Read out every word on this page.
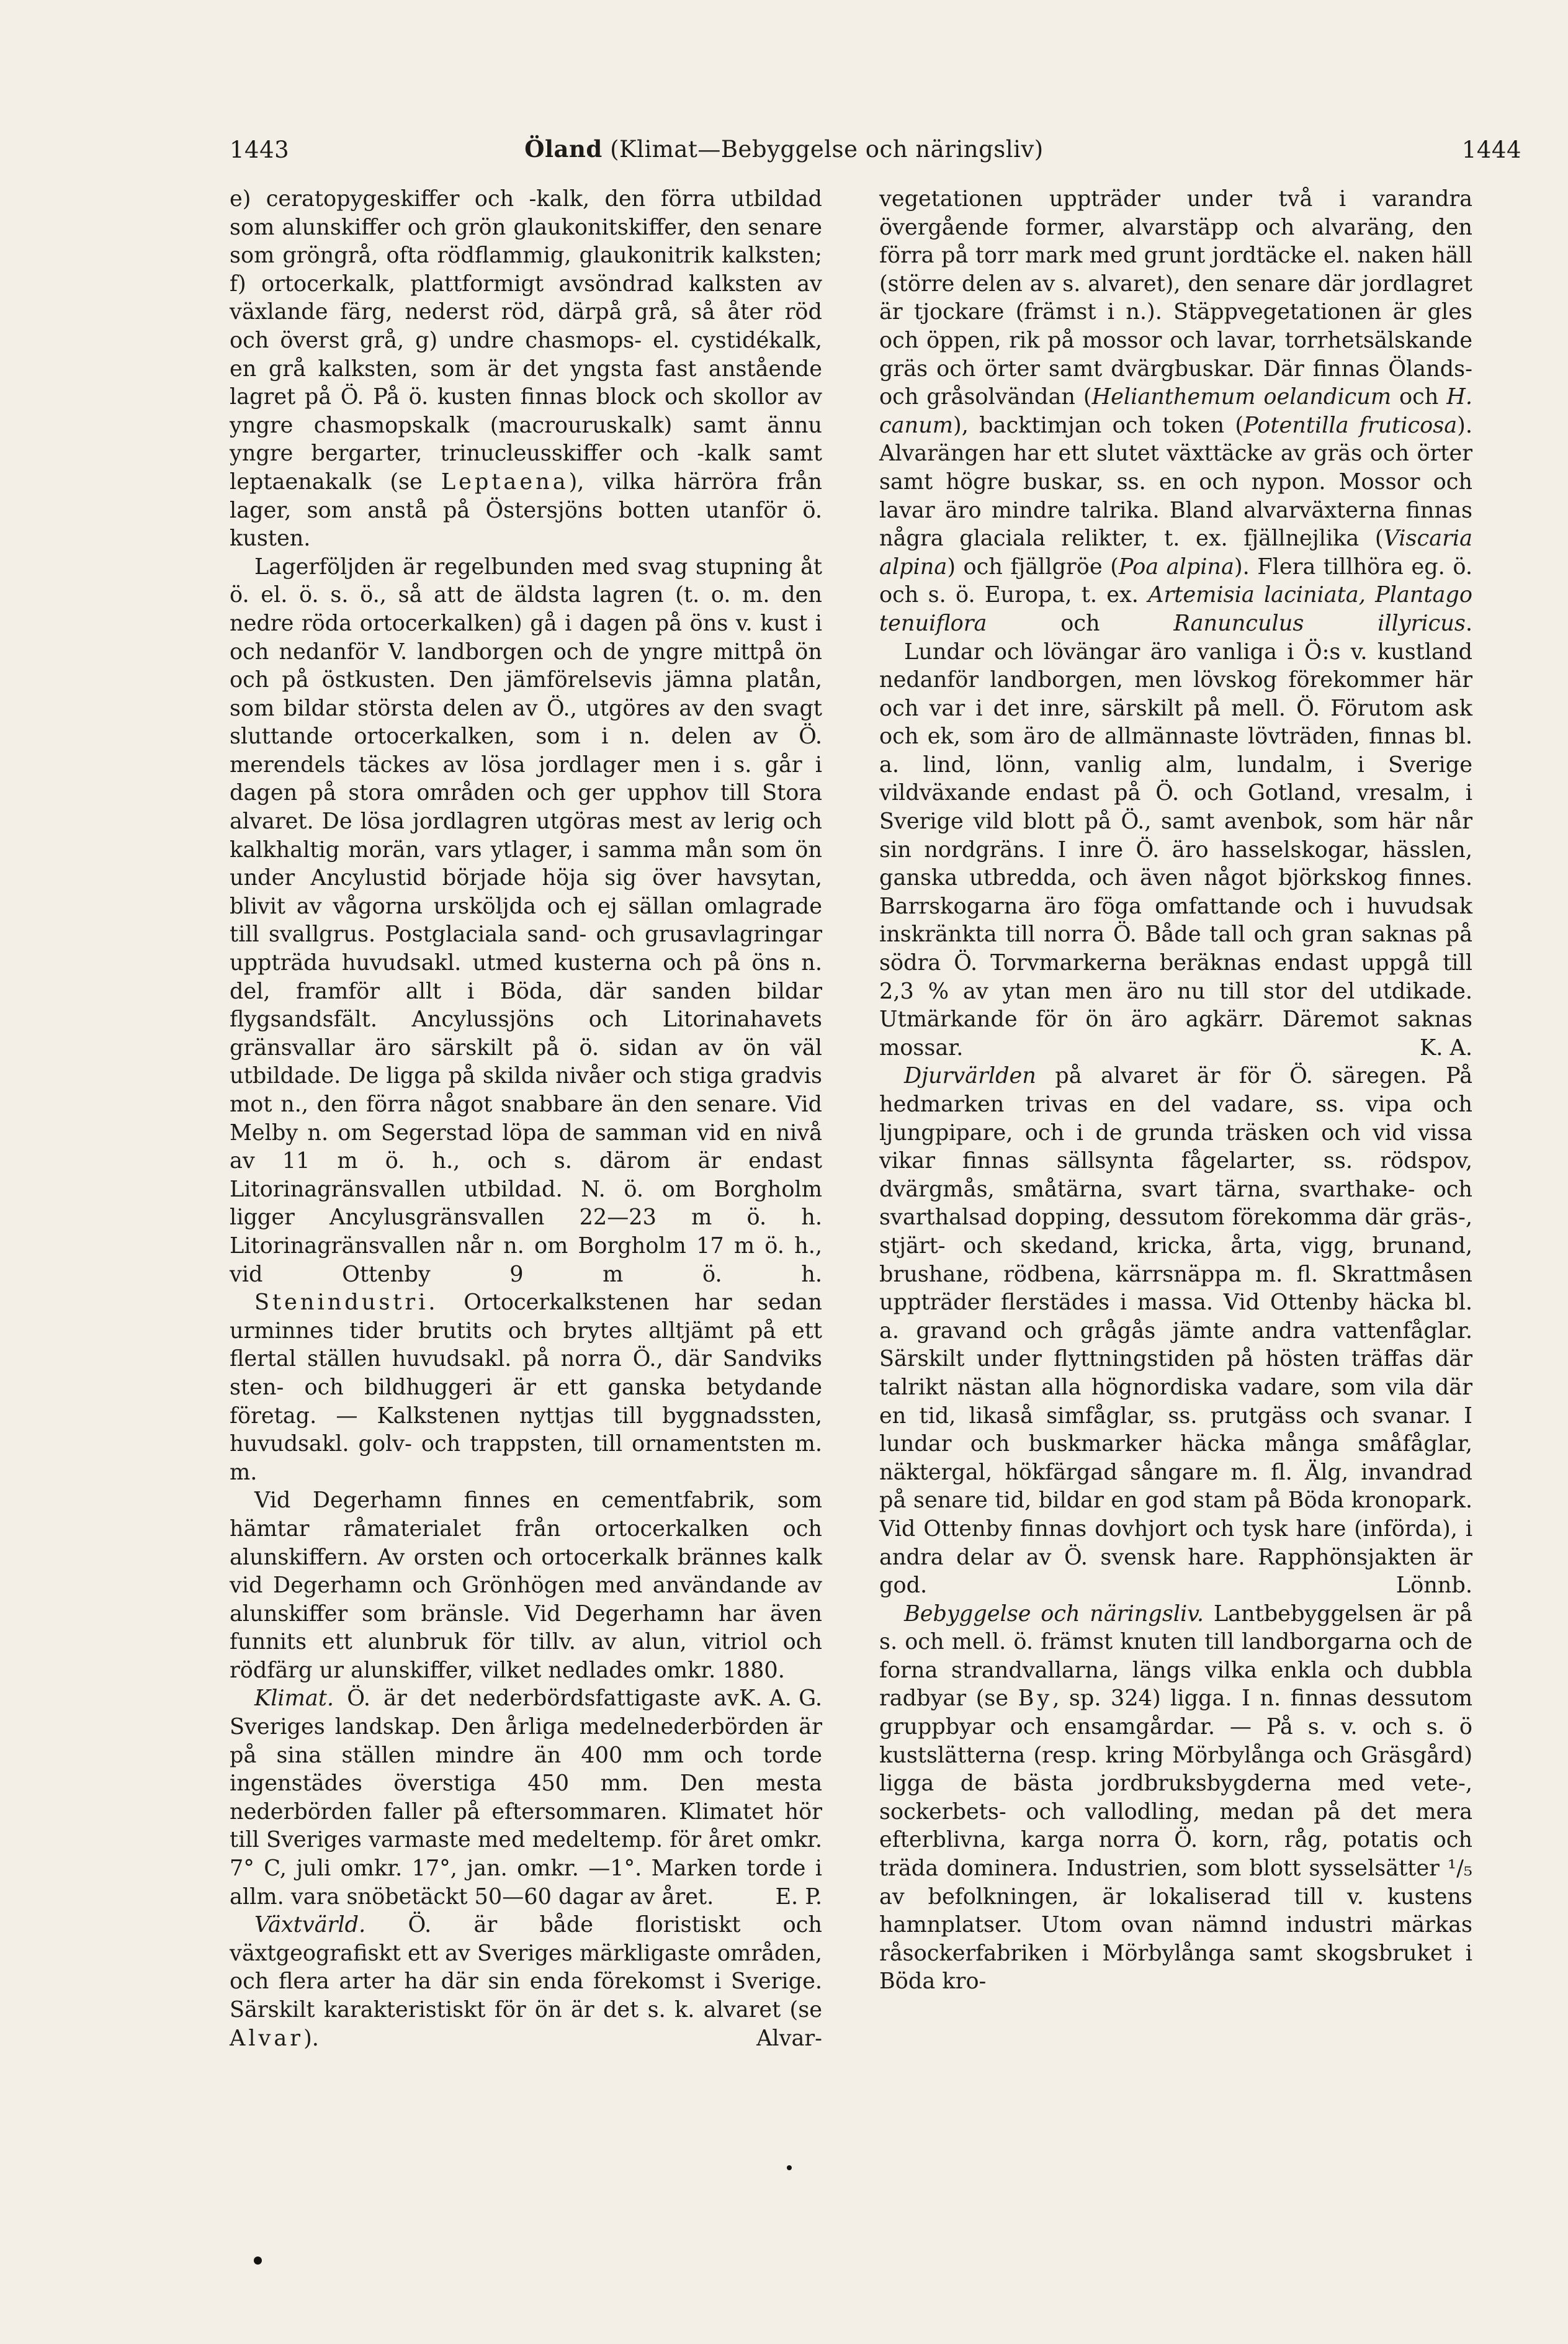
1443	Öland (Klimat—Bebyggelse och näringsliv)	1444

e) ceratopygeskiffer och -kalk, den förra utbildad som alunskiffer och grön glaukonitskiffer, den senare som gröngrå, ofta rödflammig, glaukonitrik kalksten; f) ortocerkalk, plattformigt avsöndrad kalksten av växlande färg, nederst röd, därpå grå, så åter röd och överst grå, g) undre chasmops- el. cystidékalk, en grå kalksten, som är det yngsta fast anstående lagret på Ö. På ö. kusten finnas block och skollor av yngre chasmopskalk (macrouruskalk) samt ännu yngre bergarter, trinucleusskiffer och -kalk samt leptaenakalk (se Leptaena), vilka härröra från lager, som anstå på Östersjöns botten utanför ö. kusten.

Lagerföljden är regelbunden med svag stupning åt ö. el. ö. s. ö., så att de äldsta lagren (t. o. m. den nedre röda ortocerkalken) gå i dagen på öns v. kust i och nedanför V. landborgen och de yngre mittpå ön och på östkusten. Den jämförelsevis jämna platån, som bildar största delen av Ö., utgöres av den svagt sluttande ortocerkalken, som i n. delen av Ö. merendels täckes av lösa jordlager men i s. går i dagen på stora områden och ger upphov till Stora alvaret. De lösa jordlagren utgöras mest av lerig och kalkhaltig morän, vars ytlager, i samma mån som ön under Ancylustid började höja sig över havsytan, blivit av vågorna ursköljda och ej sällan omlagrade till svallgrus. Postglaciala sand- och grusavlagringar uppträda huvudsakl. utmed kusterna och på öns n. del, framför allt i Böda, där sanden bildar flygsandsfält. Ancylussjöns och Litorinahavets gränsvallar äro särskilt på ö. sidan av ön väl utbildade. De ligga på skilda nivåer och stiga gradvis mot n., den förra något snabbare än den senare. Vid Melby n. om Segerstad löpa de samman vid en nivå av 11 m ö. h., och s. därom är endast Litorinagränsvallen utbildad. N. ö. om Borgholm ligger Ancylusgränsvallen 22—23 m ö. h. Litorinagränsvallen når n. om Borgholm 17 m ö. h., vid Ottenby 9 m ö. h.

Stenindustri. Ortocerkalkstenen har sedan urminnes tider brutits och brytes alltjämt på ett flertal ställen huvudsakl. på norra Ö., där Sandviks sten- och bildhuggeri är ett ganska betydande företag. — Kalkstenen nyttjas till byggnadssten, huvudsakl. golv- och trappsten, till ornamentsten m. m.

Vid Degerhamn finnes en cementfabrik, som hämtar råmaterialet från ortocerkalken och alunskiffern. Av orsten och ortocerkalk brännes kalk vid Degerhamn och Grönhögen med användande av alunskiffer som bränsle. Vid Degerhamn har även funnits ett alunbruk för tillv. av alun, vitriol och rödfärg ur alunskiffer, vilket nedlades omkr. 1880.
K. A. G.

Klimat. Ö. är det nederbördsfattigaste av Sveriges landskap. Den årliga medelnederbörden är på sina ställen mindre än 400 mm och torde ingenstädes överstiga 450 mm. Den mesta nederbörden faller på eftersommaren. Klimatet hör till Sveriges varmaste med medeltemp. för året omkr. 7° C, juli omkr. 17°, jan. omkr. —1°. Marken torde i allm. vara snöbetäckt 50—60 dagar av året.	E. P.

Växtvärld. Ö. är både floristiskt och växtgeografiskt ett av Sveriges märkligaste områden, och flera arter ha där sin enda förekomst i Sverige. Särskilt karakteristiskt för ön är det s. k. alvaret (se Alvar). Alvar-

vegetationen uppträder under två i varandra övergående former, alvarstäpp och alvaräng, den förra på torr mark med grunt jordtäcke el. naken häll (större delen av s. alvaret), den senare där jordlagret är tjockare (främst i n.). Stäppvegetationen är gles och öppen, rik på mossor och lavar, torrhetsälskande gräs och örter samt dvärgbuskar. Där finnas Ölands- och gråsolvändan (Helianthemum oelandicum och H. canum), backtimjan och token (Potentilla fruticosa). Alvarängen har ett slutet växttäcke av gräs och örter samt högre buskar, ss. en och nypon. Mossor och lavar äro mindre talrika. Bland alvarväxterna finnas några glaciala relikter, t. ex. fjällnejlika (Viscaria alpina) och fjällgröe (Poa alpina). Flera tillhöra eg. ö. och s. ö. Europa, t. ex. Artemisia laciniata, Plantago tenuiflora och Ranunculus illyricus.

Lundar och lövängar äro vanliga i Ö:s v. kustland nedanför landborgen, men lövskog förekommer här och var i det inre, särskilt på mell. Ö. Förutom ask och ek, som äro de allmännaste lövträden, finnas bl. a. lind, lönn, vanlig alm, lundalm, i Sverige vildväxande endast på Ö. och Gotland, vresalm, i Sverige vild blott på Ö., samt avenbok, som här når sin nordgräns. I inre Ö. äro hasselskogar, hässlen, ganska utbredda, och även något björkskog finnes. Barrskogarna äro föga omfattande och i huvudsak inskränkta till norra Ö. Både tall och gran saknas på södra Ö. Torvmarkerna beräknas endast uppgå till 2,3 % av ytan men äro nu till stor del utdikade. Utmärkande för ön äro agkärr. Däremot saknas mossar.	K. A.

Djurvärlden på alvaret är för Ö. säregen. På hedmarken trivas en del vadare, ss. vipa och ljungpipare, och i de grunda träsken och vid vissa vikar finnas sällsynta fågelarter, ss. rödspov, dvärgmås, småtärna, svart tärna, svarthake- och svarthalsad dopping, dessutom förekomma där gräs-, stjärt- och skedand, kricka, årta, vigg, brunand, brushane, rödbena, kärrsnäppa m. fl. Skrattmåsen uppträder flerstädes i massa. Vid Ottenby häcka bl. a. gravand och grågås jämte andra vattenfåglar. Särskilt under flyttningstiden på hösten träffas där talrikt nästan alla högnordiska vadare, som vila där en tid, likaså simfåglar, ss. prutgäss och svanar. I lundar och buskmarker häcka många småfåglar, näktergal, hökfärgad sångare m. fl. Älg, invandrad på senare tid, bildar en god stam på Böda kronopark. Vid Ottenby finnas dovhjort och tysk hare (införda), i andra delar av Ö. svensk hare. Rapphönsjakten är god.	Lönnb.

Bebyggelse och näringsliv. Lantbebyggelsen är på s. och mell. ö. främst knuten till landborgarna och de forna strandvallarna, längs vilka enkla och dubbla radbyar (se By, sp. 324) ligga. I n. finnas dessutom gruppbyar och ensamgårdar. — På s. v. och s. ö kustslätterna (resp. kring Mörbylånga och Gräsgård) ligga de bästa jordbruksbygderna med vete-, sockerbets- och vallodling, medan på det mera efterblivna, karga norra Ö. korn, råg, potatis och träda dominera. Industrien, som blott sysselsätter ¹/₅ av befolkningen, är lokaliserad till v. kustens hamnplatser. Utom ovan nämnd industri märkas råsockerfabriken i Mörbylånga samt skogsbruket i Böda kro-
